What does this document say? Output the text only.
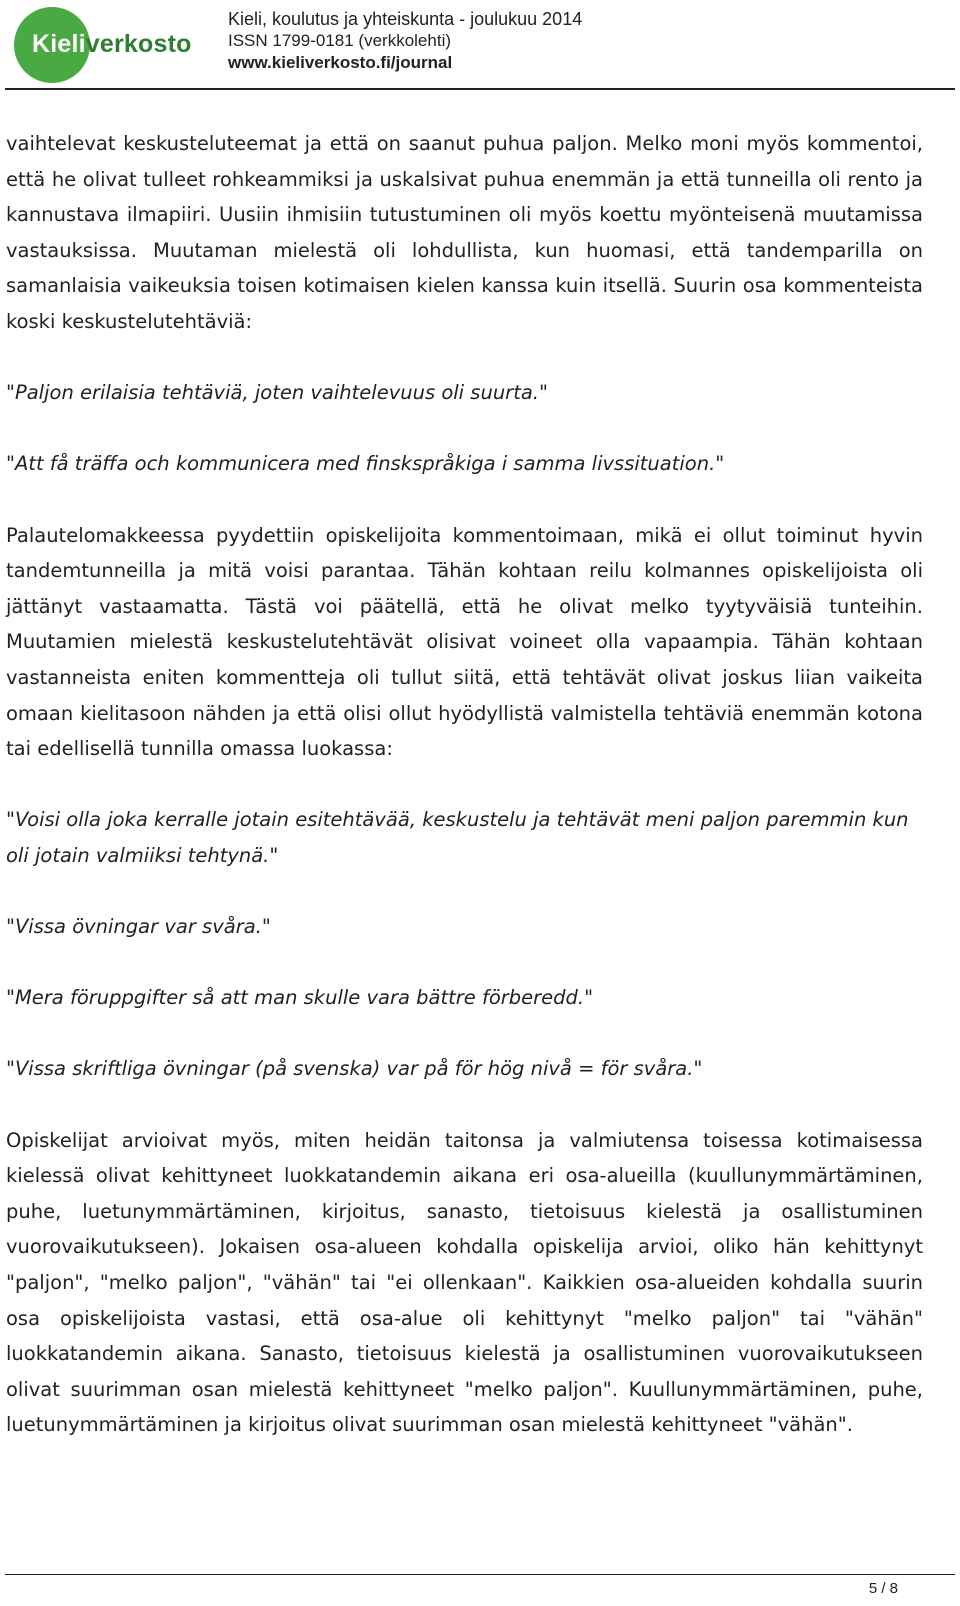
Kieliverkosto
Kieli, koulutus ja yhteiskunta - joulukuu 2014
ISSN 1799-0181 (verkkolehti)
www.kieliverkosto.fi/journal

vaihtelevat keskusteluteemat ja että on saanut puhua paljon. Melko moni myös kommentoi, että he olivat tulleet rohkeammiksi ja uskalsivat puhua enemmän ja että tunneilla oli rento ja kannustava ilmapiiri. Uusiin ihmisiin tutustuminen oli myös koettu myönteisenä muutamissa vastauksissa. Muutaman mielestä oli lohdullista, kun huomasi, että tandemparilla on samanlaisia vaikeuksia toisen kotimaisen kielen kanssa kuin itsellä. Suurin osa kommenteista koski keskustelutehtäviä:

"Paljon erilaisia tehtäviä, joten vaihtelevuus oli suurta."

"Att få träffa och kommunicera med finskspråkiga i samma livssituation."

Palautelomakkeessa pyydettiin opiskelijoita kommentoimaan, mikä ei ollut toiminut hyvin tandemtunneilla ja mitä voisi parantaa. Tähän kohtaan reilu kolmannes opiskelijoista oli jättänyt vastaamatta. Tästä voi päätellä, että he olivat melko tyytyväisiä tunteihin. Muutamien mielestä keskustelutehtävät olisivat voineet olla vapaampia. Tähän kohtaan vastanneista eniten kommentteja oli tullut siitä, että tehtävät olivat joskus liian vaikeita omaan kielitasoon nähden ja että olisi ollut hyödyllistä valmistella tehtäviä enemmän kotona tai edellisellä tunnilla omassa luokassa:

"Voisi olla joka kerralle jotain esitehtävää, keskustelu ja tehtävät meni paljon paremmin kun oli jotain valmiiksi tehtynä."

"Vissa övningar var svåra."

"Mera föruppgifter så att man skulle vara bättre förberedd."

"Vissa skriftliga övningar (på svenska) var på för hög nivå = för svåra."

Opiskelijat arvioivat myös, miten heidän taitonsa ja valmiutensa toisessa kotimaisessa kielessä olivat kehittyneet luokkatandemin aikana eri osa-alueilla (kuullunymmärtäminen, puhe, luetunymmärtäminen, kirjoitus, sanasto, tietoisuus kielestä ja osallistuminen vuorovaikutukseen). Jokaisen osa-alueen kohdalla opiskelija arvioi, oliko hän kehittynyt "paljon", "melko paljon", "vähän" tai "ei ollenkaan". Kaikkien osa-alueiden kohdalla suurin osa opiskelijoista vastasi, että osa-alue oli kehittynyt "melko paljon" tai "vähän" luokkatandemin aikana. Sanasto, tietoisuus kielestä ja osallistuminen vuorovaikutukseen olivat suurimman osan mielestä kehittyneet "melko paljon". Kuullunymmärtäminen, puhe, luetunymmärtäminen ja kirjoitus olivat suurimman osan mielestä kehittyneet "vähän".

5 / 8
